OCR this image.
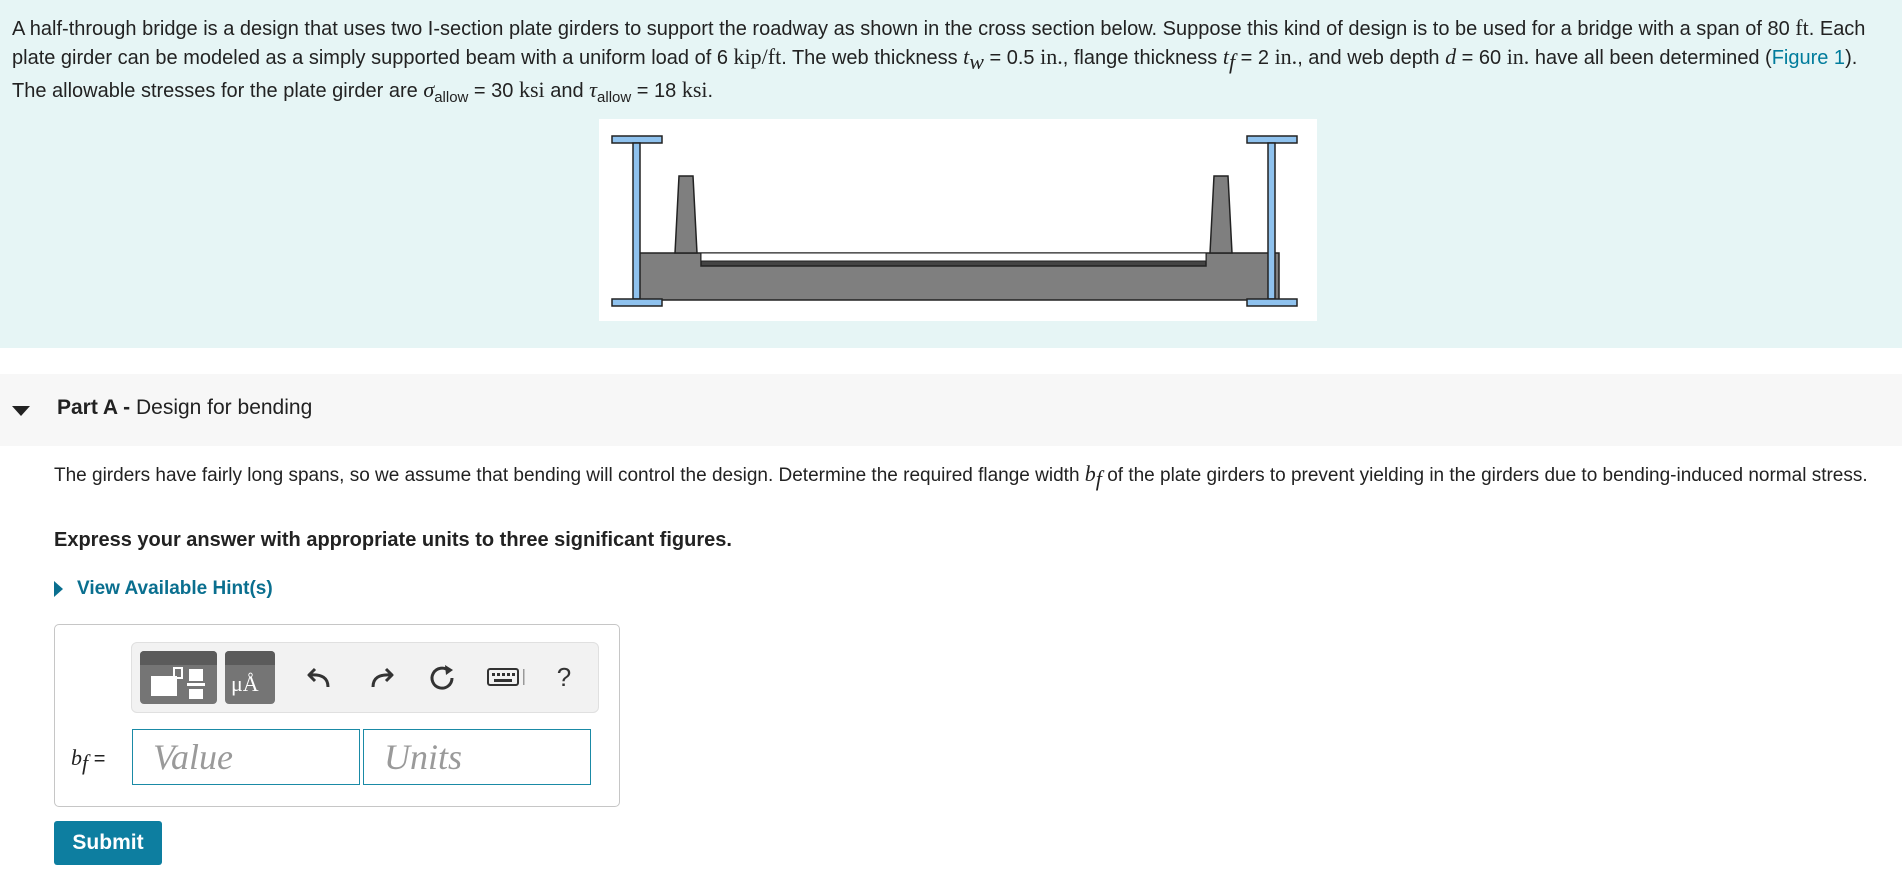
A half-through bridge is a design that uses two I-section plate girders to support the roadway as shown in the cross section below. Suppose this kind of design is to be used for a bridge with a span of 80 ft. Each plate girder can be modeled as a simply supported beam with a uniform load of 6 kip/ft. The web thickness $t_w = 0.5$ in., flange thickness $t_f = 2$ in., and web depth d = 60 in. have all been determined (Figure 1). The allowable stresses for the plate girder are $\sigma_{allow} = 30$ ksi and $\tau_{allow} = 18$ ksi.
Part A - Design for bending
The girders have fairly long spans, so we assume that bending will control the design. Determine the required flange width $b_f$ of the plate girders to prevent yielding in the girders due to bending-induced normal stress.
Express your answer with appropriate units to three significant figures.
View Available Hint(s)
μÅ	?
$b_f$ =
Value
Units
Submit
